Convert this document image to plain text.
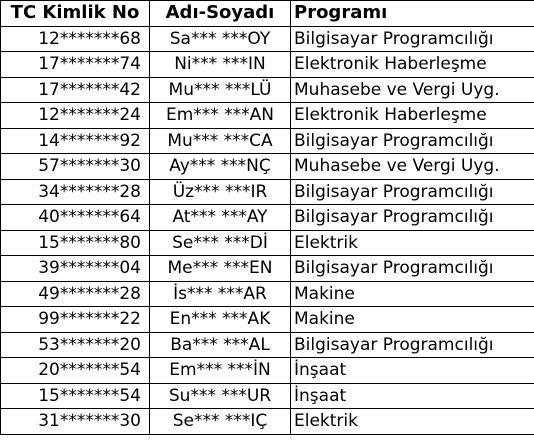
TC Kimlik No	Adı-Soyadı	Programı
12*******68	Sa*** ***OY	Bilgisayar Programcılığı
17*******74	Ni*** ***IN	Elektronik Haberleşme
17*******42	Mu*** ***LÜ	Muhasebe ve Vergi Uyg.
12*******24	Em*** ***AN	Elektronik Haberleşme
14*******92	Mu*** ***CA	Bilgisayar Programcılığı
57*******30	Ay*** ***NÇ	Muhasebe ve Vergi Uyg.
34*******28	Üz*** ***IR	Bilgisayar Programcılığı
40*******64	At*** ***AY	Bilgisayar Programcılığı
15*******80	Se*** ***Dİ	Elektrik
39*******04	Me*** ***EN	Bilgisayar Programcılığı
49*******28	İs*** ***AR	Makine
99*******22	En*** ***AK	Makine
53*******20	Ba*** ***AL	Bilgisayar Programcılığı
20*******54	Em*** ***İN	İnşaat
15*******54	Su*** ***UR	İnşaat
31*******30	Se*** ***IÇ	Elektrik
